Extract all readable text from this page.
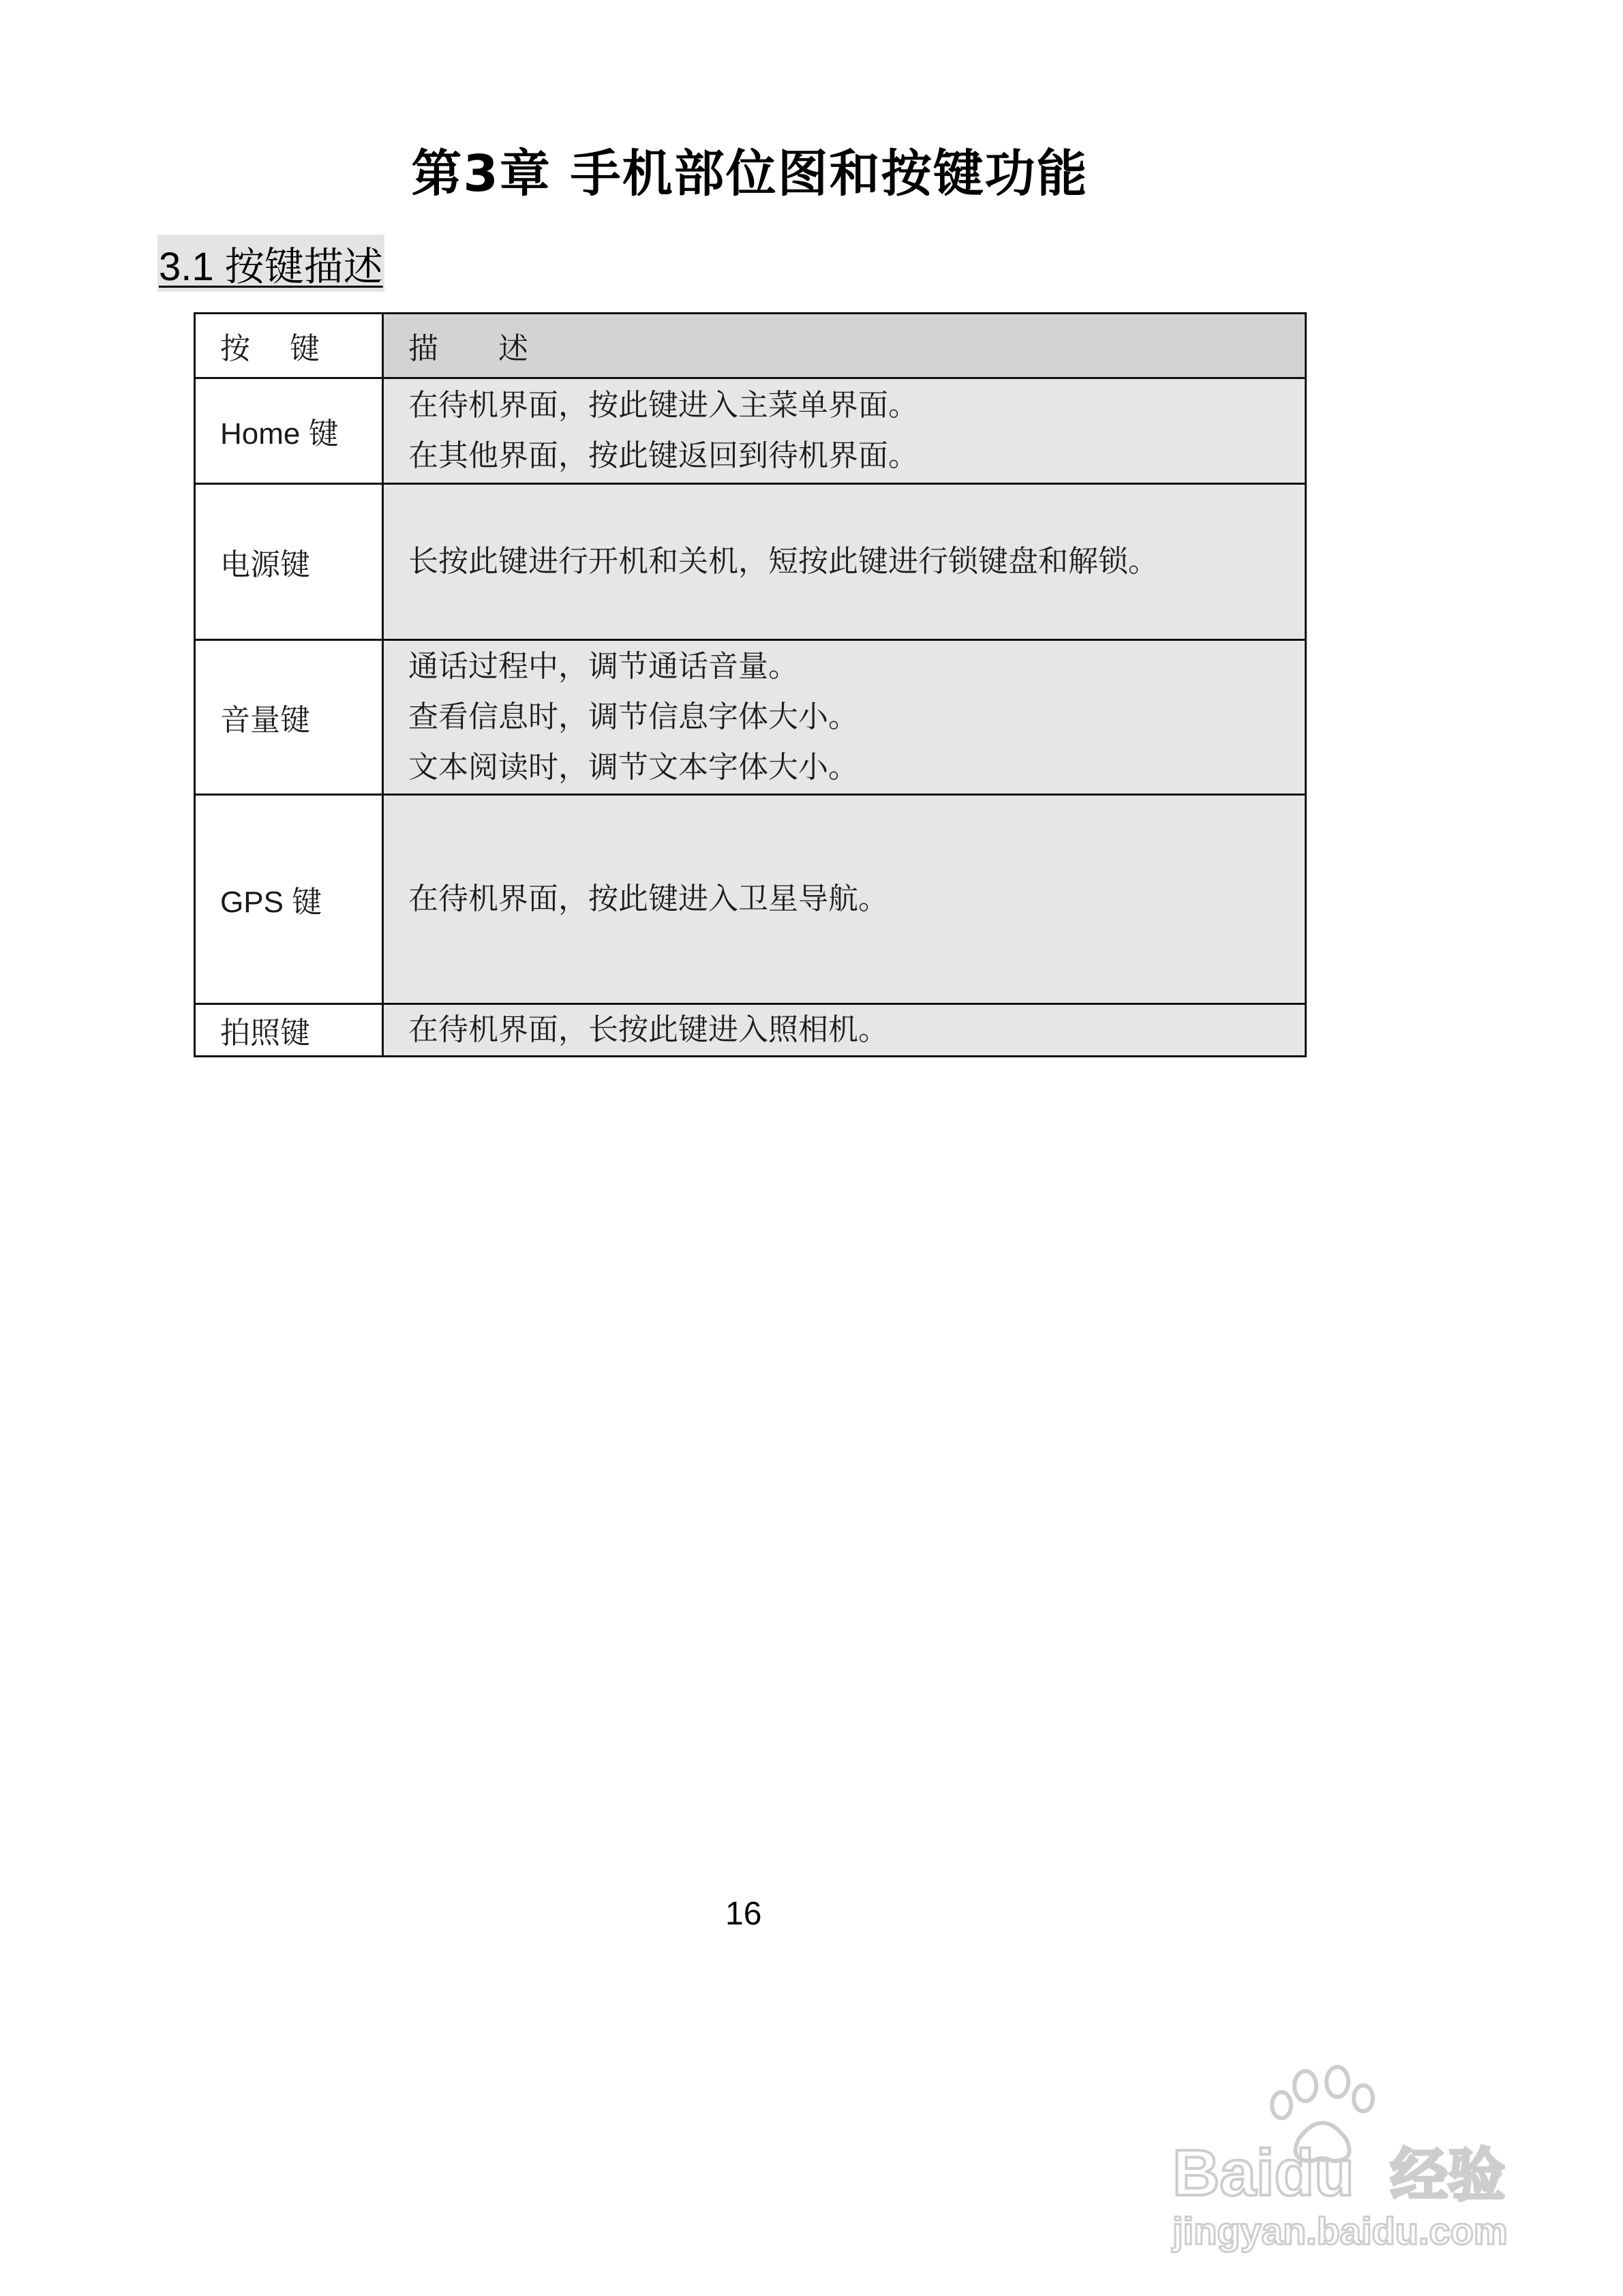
第3章 手机部位图和按键功能
3.1 按键描述
按 键	描　　述
Home 键	在待机界面，按此键进入主菜单界面。
在其他界面，按此键返回到待机界面。

电源键	长按此键进行开机和关机，短按此键进行锁键盘和解锁。

音量键	通话过程中，调节通话音量。
查看信息时，调节信息字体大小。
文本阅读时，调节文本字体大小。

GPS 键	在待机界面，按此键进入卫星导航。

拍照键	在待机界面，长按此键进入照相机。
16
Baidu 经验
jingyan.baidu.com
